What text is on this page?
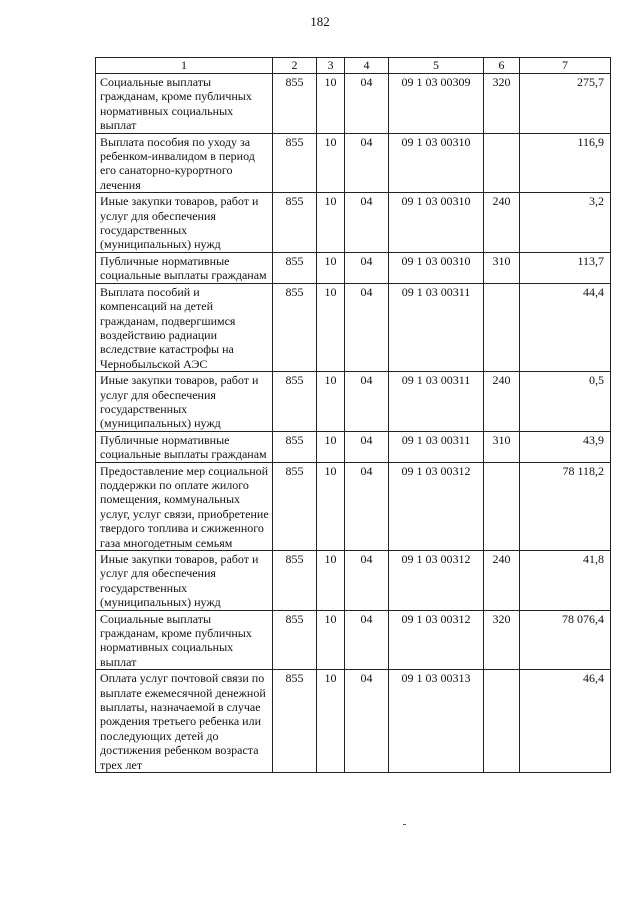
182
1	2	3	4	5	6	7
Социальные выплаты гражданам, кроме публичных нормативных социальных выплат	855	10	04	09 1 03 00309	320	275,7
Выплата пособия по уходу за ребенком-инвалидом в период его санаторно-курортного лечения	855	10	04	09 1 03 00310		116,9
Иные закупки товаров, работ и услуг для обеспечения государственных (муниципальных) нужд	855	10	04	09 1 03 00310	240	3,2
Публичные нормативные социальные выплаты гражданам	855	10	04	09 1 03 00310	310	113,7
Выплата пособий и компенсаций на детей гражданам, подвергшимся воздействию радиации вследствие катастрофы на Чернобыльской АЭС	855	10	04	09 1 03 00311		44,4
Иные закупки товаров, работ и услуг для обеспечения государственных (муниципальных) нужд	855	10	04	09 1 03 00311	240	0,5
Публичные нормативные социальные выплаты гражданам	855	10	04	09 1 03 00311	310	43,9
Предоставление мер социальной поддержки по оплате жилого помещения, коммунальных услуг, услуг связи, приобретение твердого топлива и сжиженного газа многодетным семьям	855	10	04	09 1 03 00312		78 118,2
Иные закупки товаров, работ и услуг для обеспечения государственных (муниципальных) нужд	855	10	04	09 1 03 00312	240	41,8
Социальные выплаты гражданам, кроме публичных нормативных социальных выплат	855	10	04	09 1 03 00312	320	78 076,4
Оплата услуг почтовой связи по выплате ежемесячной денежной выплаты, назначаемой в случае рождения третьего ребенка или последующих детей до достижения ребенком возраста трех лет	855	10	04	09 1 03 00313		46,4
